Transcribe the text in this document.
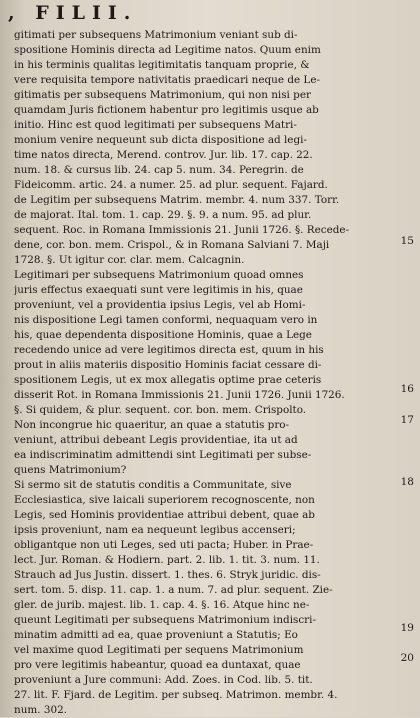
, FILII.
gitimati per subsequens Matrimonium veniant sub di-
spositione Hominis directa ad Legitime natos. Quum enim
in his terminis qualitas legitimitatis tanquam proprie, &
vere requisita tempore nativitatis praedicari neque de Le-
gitimatis per subsequens Matrimonium, qui non nisi per
quamdam Juris fictionem habentur pro legitimis usque ab
initio. Hinc est quod legitimati per subsequens Matri-
monium venire nequeunt sub dicta dispositione ad legi-
time natos directa, Merend. controv. Jur. lib. 17. cap. 22.
num. 18. & cursus lib. 24. cap 5. num. 34. Peregrin. de
Fideicomm. artic. 24. a numer. 25. ad plur. sequent. Fajard.
de Legitim per subsequens Matrim. membr. 4. num 337. Torr.
de majorat. Ital. tom. 1. cap. 29. §. 9. a num. 95. ad plur.
sequent. Roc. in Romana Immissionis 21. Junii 1726. §. Recede-
dene, cor. bon. mem. Crispol., & in Romana Salviani 7. Maji
1728. §. Ut igitur cor. clar. mem. Calcagnin.
Legitimari per subsequens Matrimonium quoad omnes
juris effectus exaequati sunt vere legitimis in his, quae
proveniunt, vel a providentia ipsius Legis, vel ab Homi-
nis dispositione Legi tamen conformi, nequaquam vero in
his, quae dependenta dispositione Hominis, quae a Lege
recedendo unice ad vere legitimos directa est, quum in his
prout in aliis materiis dispositio Hominis faciat cessare di-
spositionem Legis, ut ex mox allegatis optime prae ceteris
disserit Rot. in Romana Immissionis 21. Junii 1726. Junii 1726.
§. Si quidem, & plur. sequent. cor. bon. mem. Crispolto.
Non incongrue hic quaeritur, an quae a statutis pro-
veniunt, attribui debeant Legis providentiae, ita ut ad
ea indiscriminatim admittendi sint Legitimati per subse-
quens Matrimonium?
Si sermo sit de statutis conditis a Communitate, sive
Ecclesiastica, sive laicali superiorem recognoscente, non
Legis, sed Hominis providentiae attribui debent, quae ab
ipsis proveniunt, nam ea nequeunt legibus accenseri;
obligantque non uti Leges, sed uti pacta; Huber. in Prae-
lect. Jur. Roman. & Hodiern. part. 2. lib. 1. tit. 3. num. 11.
Strauch ad Jus Justin. dissert. 1. thes. 6. Stryk juridic. dis-
sert. tom. 5. disp. 11. cap. 1. a num. 7. ad plur. sequent. Zie-
gler. de jurib. majest. lib. 1. cap. 4. §. 16. Atque hinc ne-
queunt Legitimati per subsequens Matrimonium indiscri-
minatim admitti ad ea, quae proveniunt a Statutis; Eo
vel maxime quod Legitimati per sequens Matrimonium
pro vere legitimis habeantur, quoad ea duntaxat, quae
proveniunt a Jure communi: Add. Zoes. in Cod. lib. 5. tit.
27. lit. F. Fjard. de Legitim. per subseq. Matrimon. membr. 4.
num. 302.
15
16
17
18
19
20
